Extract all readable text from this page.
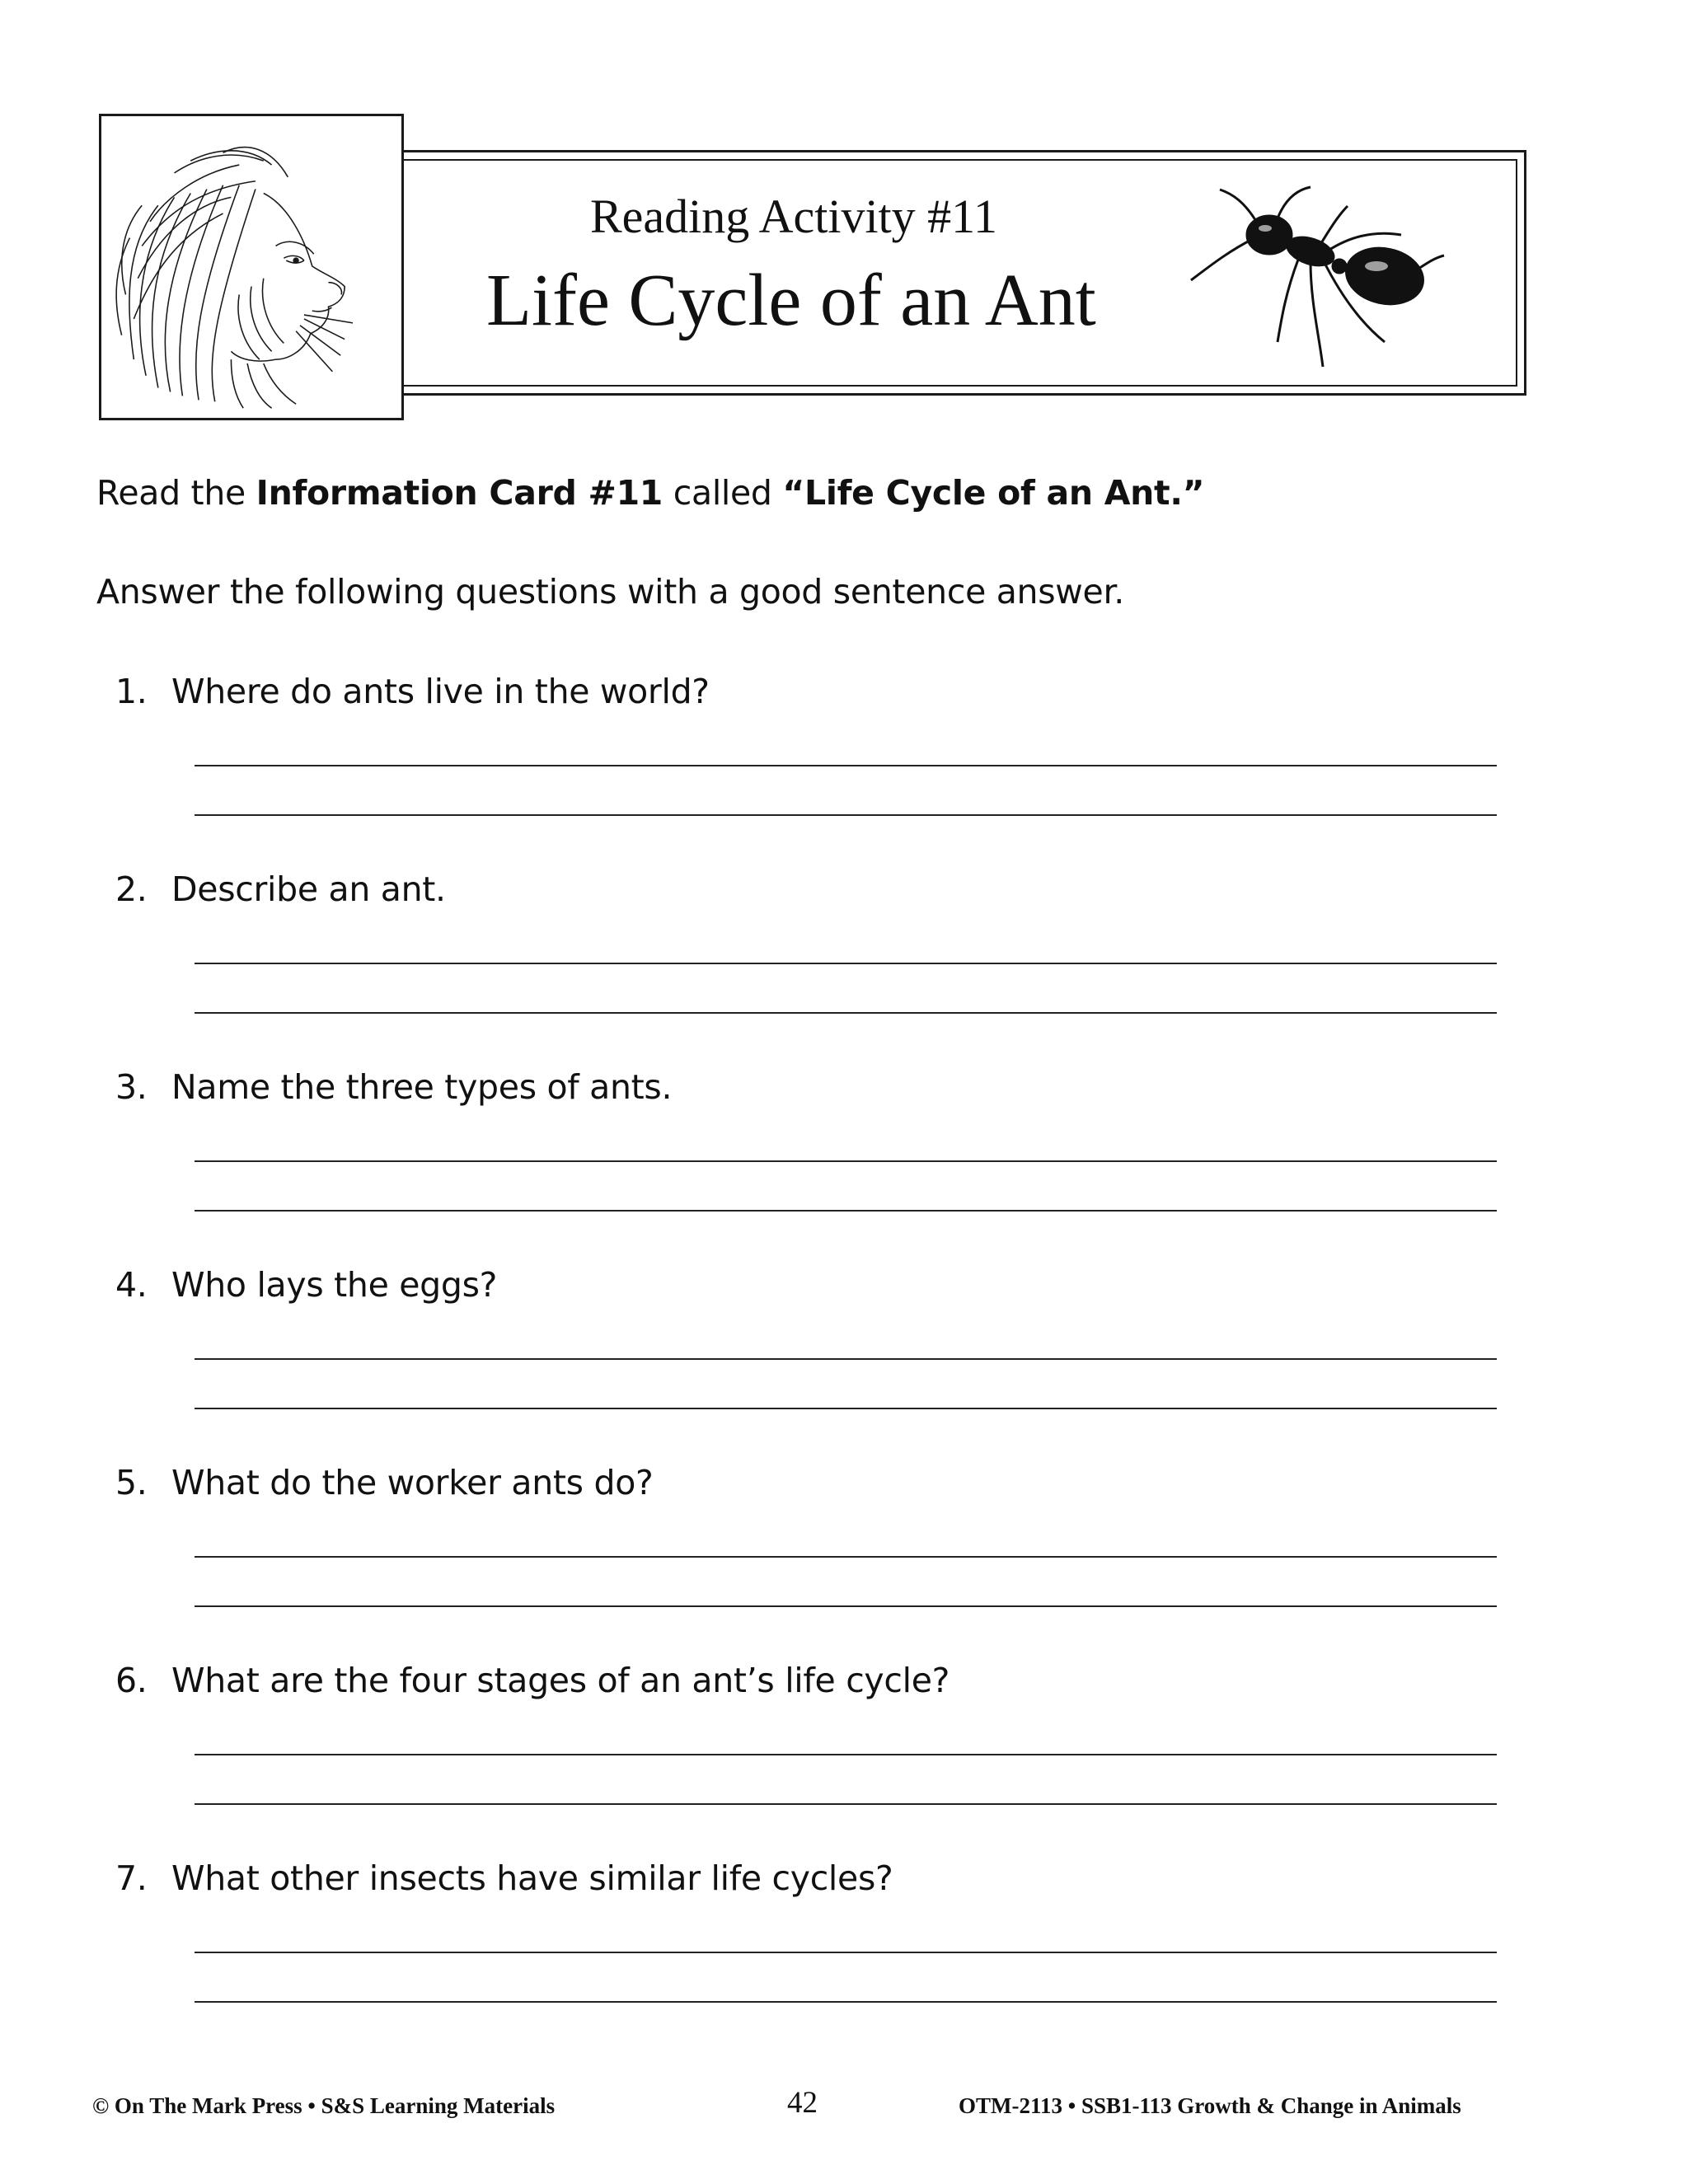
Reading Activity #11
Life Cycle of an Ant
Read the Information Card #11 called “Life Cycle of an Ant.”
Answer the following questions with a good sentence answer.
1. Where do ants live in the world?
2. Describe an ant.
3. Name the three types of ants.
4. Who lays the eggs?
5. What do the worker ants do?
6. What are the four stages of an ant’s life cycle?
7. What other insects have similar life cycles?
© On The Mark Press • S&S Learning Materials	42	OTM-2113 • SSB1-113 Growth & Change in Animals
